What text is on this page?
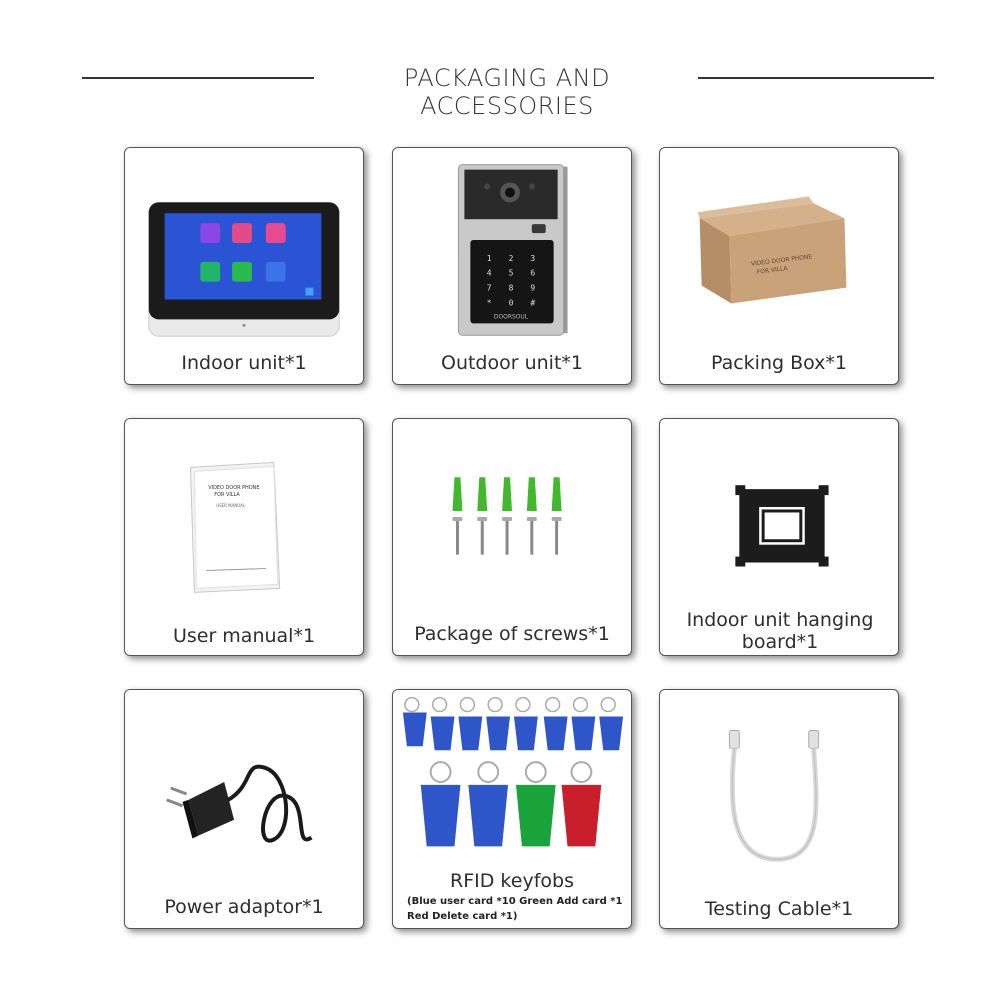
PACKAGING AND ACCESSORIES
Indoor unit*1
1 2 3
4 5 6
7 8 9
* 0 #
DOORSOUL
Outdoor unit*1
VIDEO DOOR PHONE
FOR VILLA
Packing Box*1
VIDEO DOOR PHONE
FOR VILLA
USER MANUAL
User manual*1	Package of screws*1
Indoor unit hanging board*1
Power adaptor*1
RFID keyfobs
(Blue user card *10 Green Add card *1
Red Delete card *1)	Testing Cable*1
